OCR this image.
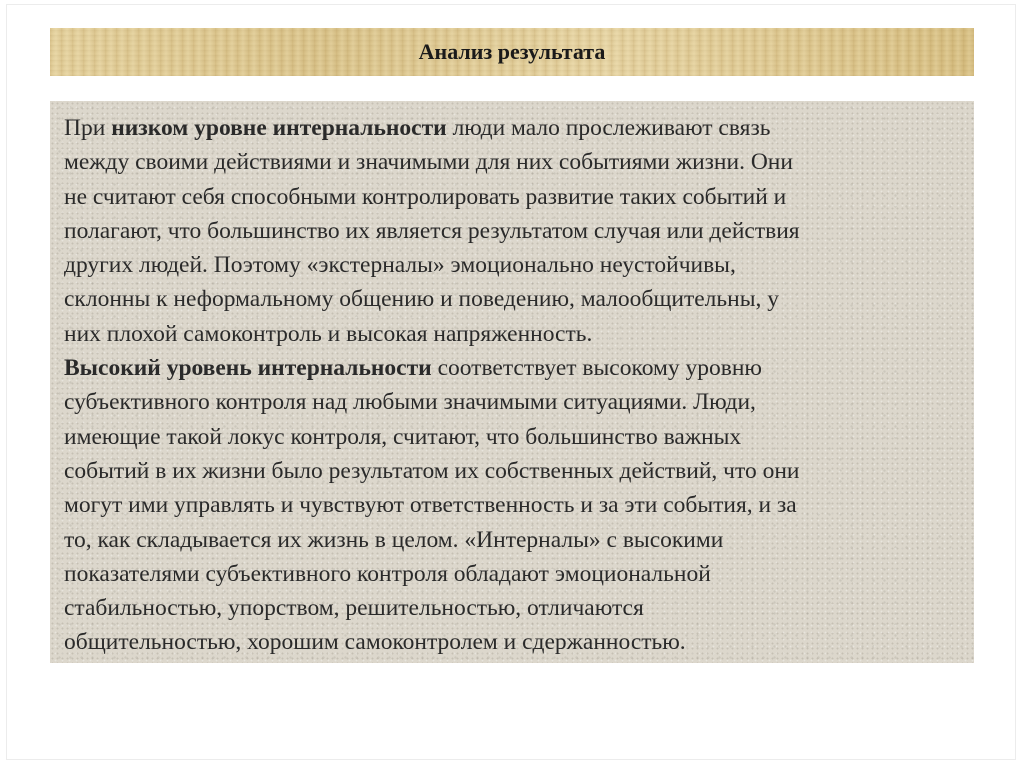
Анализ результата

При низком уровне интернальности люди мало прослеживают связь
между своими действиями и значимыми для них событиями жизни. Они
не считают себя способными контролировать развитие таких событий и
полагают, что большинство их является результатом случая или действия
других людей. Поэтому «экстерналы» эмоционально неустойчивы,
склонны к неформальному общению и поведению, малообщительны, у
них плохой самоконтроль и высокая напряженность.
Высокий уровень интернальности соответствует высокому уровню
субъективного контроля над любыми значимыми ситуациями. Люди,
имеющие такой локус контроля, считают, что большинство важных
событий в их жизни было результатом их собственных действий, что они
могут ими управлять и чувствуют ответственность и за эти события, и за
то, как складывается их жизнь в целом. «Интерналы» с высокими
показателями субъективного контроля обладают эмоциональной
стабильностью, упорством, решительностью, отличаются
общительностью, хорошим самоконтролем и сдержанностью.
